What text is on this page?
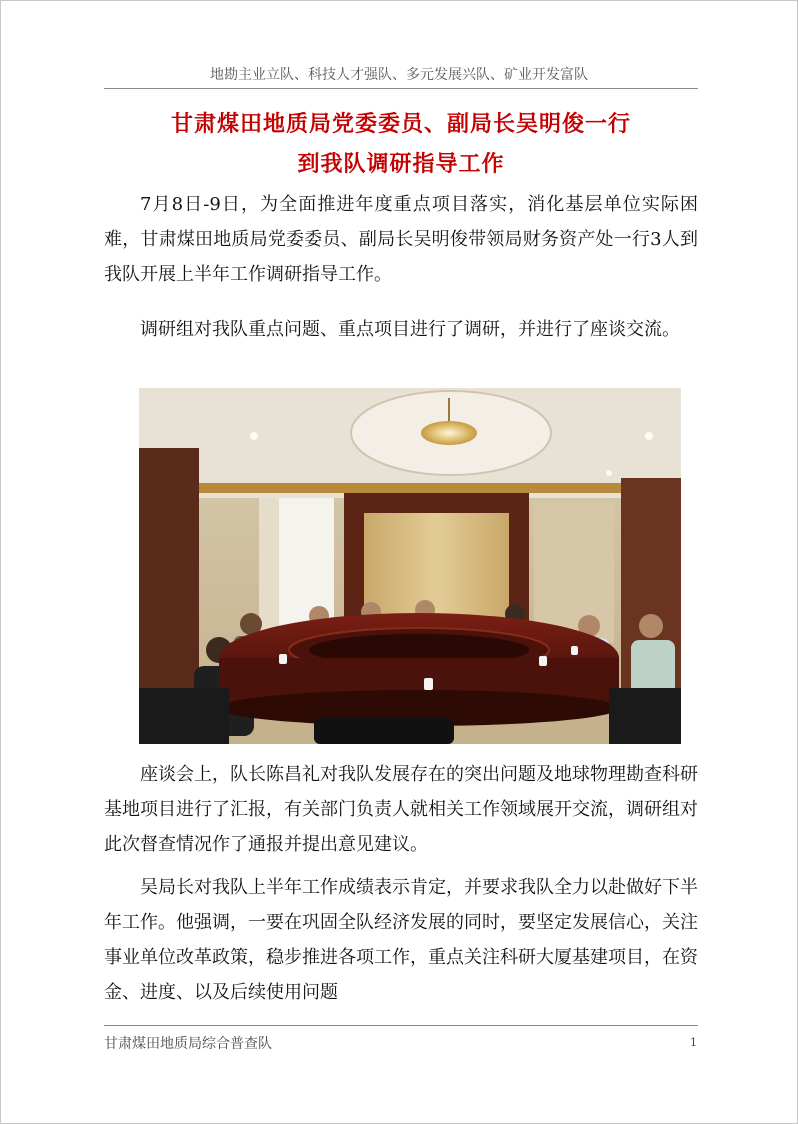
地勘主业立队、科技人才强队、多元发展兴队、矿业开发富队
甘肃煤田地质局党委委员、副局长吴明俊一行
到我队调研指导工作

7月8日-9日，为全面推进年度重点项目落实，消化基层单位实际困难，甘肃煤田地质局党委委员、副局长吴明俊带领局财务资产处一行3人到我队开展上半年工作调研指导工作。

调研组对我队重点问题、重点项目进行了调研，并进行了座谈交流。

座谈会上，队长陈昌礼对我队发展存在的突出问题及地球物理勘查科研基地项目进行了汇报，有关部门负责人就相关工作领域展开交流，调研组对此次督查情况作了通报并提出意见建议。

吴局长对我队上半年工作成绩表示肯定，并要求我队全力以赴做好下半年工作。他强调，一要在巩固全队经济发展的同时，要坚定发展信心，关注事业单位改革政策，稳步推进各项工作，重点关注科研大厦基建项目，在资金、进度、以及后续使用问题

甘肃煤田地质局综合普查队	1
